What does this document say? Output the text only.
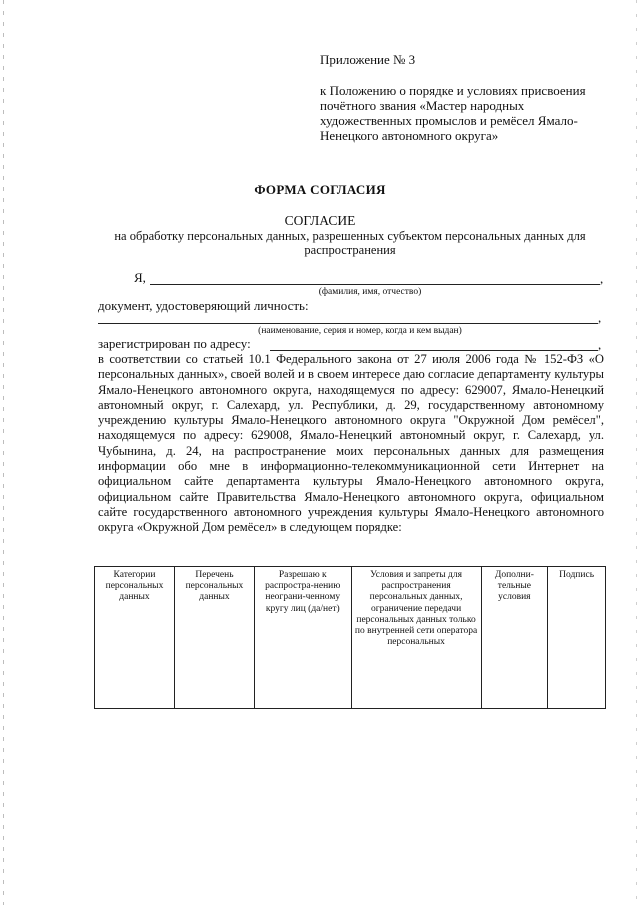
Приложение № 3
к Положению о порядке и условиях присвоения почётного звания «Мастер народных художественных промыслов и ремёсел Ямало-Ненецкого автономного округа»
ФОРМА СОГЛАСИЯ
СОГЛАСИЕ
на обработку персональных данных, разрешенных субъектом персональных данных для распространения
Я,	,
(фамилия, имя, отчество)
документ, удостоверяющий личность:
,
(наименование, серия и номер, когда и кем выдан)
зарегистрирован по адресу:	,
в соответствии со статьей 10.1 Федерального закона от 27 июля 2006 года № 152-ФЗ «О персональных данных», своей волей и в своем интересе даю согласие департаменту культуры Ямало-Ненецкого автономного округа, находящемуся по адресу: 629007, Ямало-Ненецкий автономный округ, г. Салехард, ул. Республики, д. 29, государственному автономному учреждению культуры Ямало-Ненецкого автономного округа "Окружной Дом ремёсел", находящемуся по адресу: 629008, Ямало-Ненецкий автономный округ, г. Салехард, ул. Чубынина, д. 24, на распространение моих персональных данных для размещения информации обо мне в информационно-телекоммуникационной сети Интернет на официальном сайте департамента культуры Ямало-Ненецкого автономного округа, официальном сайте Правительства Ямало-Ненецкого автономного округа, официальном сайте государственного автономного учреждения культуры Ямало-Ненецкого автономного округа «Окружной Дом ремёсел» в следующем порядке:
Категории персональных данных	Перечень персональных данных	Разрешаю к распростра-нению неограни-ченному кругу лиц (да/нет)	Условия и запреты для распространения персональных данных, ограничение передачи персональных данных только по внутренней сети оператора персональных	Дополни-тельные условия	Подпись
